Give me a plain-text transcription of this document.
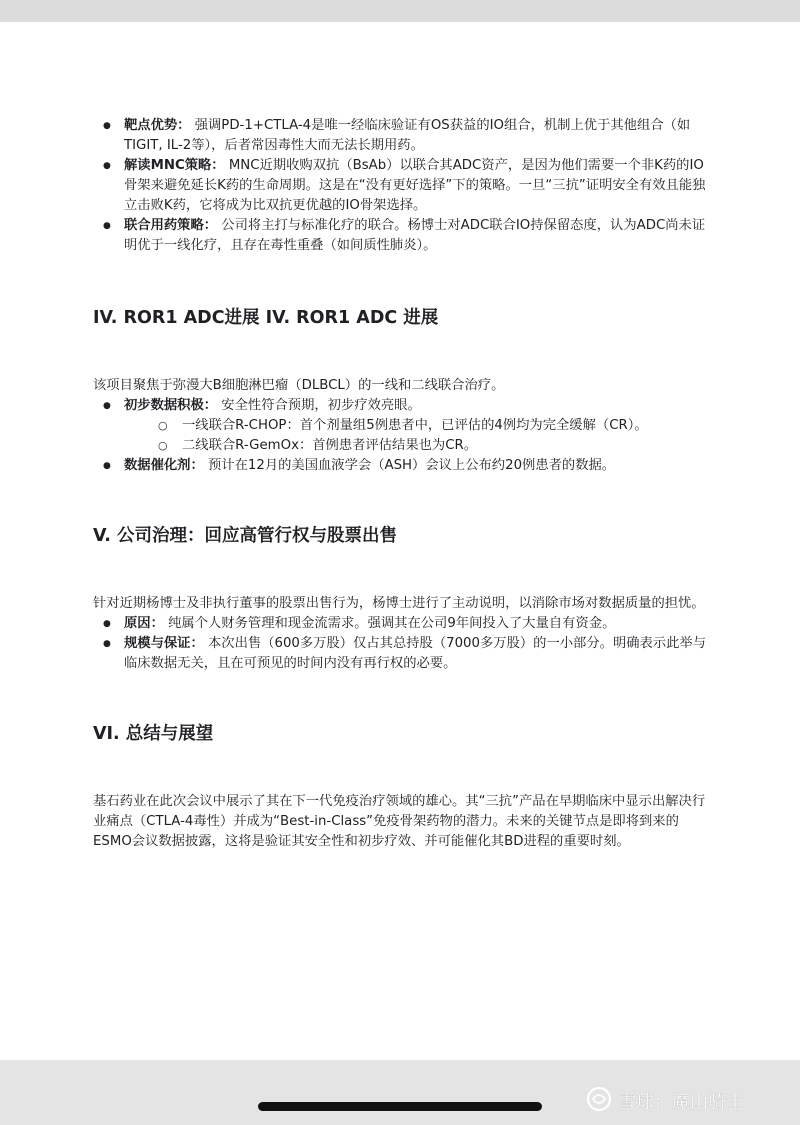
● 靶点优势： 强调PD-1+CTLA-4是唯一经临床验证有OS获益的IO组合，机制上优于其他组合（如TIGIT, IL-2等），后者常因毒性大而无法长期用药。
● 解读MNC策略： MNC近期收购双抗（BsAb）以联合其ADC资产，是因为他们需要一个非K药的IO骨架来避免延长K药的生命周期。这是在“没有更好选择”下的策略。一旦“三抗”证明安全有效且能独立击败K药，它将成为比双抗更优越的IO骨架选择。
● 联合用药策略： 公司将主打与标准化疗的联合。杨博士对ADC联合IO持保留态度，认为ADC尚未证明优于一线化疗，且存在毒性重叠（如间质性肺炎）。
IV. ROR1 ADC进展 IV. ROR1 ADC 进展

该项目聚焦于弥漫大B细胞淋巴瘤（DLBCL）的一线和二线联合治疗。

● 初步数据积极： 安全性符合预期，初步疗效亮眼。
○ 一线联合R-CHOP：首个剂量组5例患者中，已评估的4例均为完全缓解（CR）。
○ 二线联合R-GemOx：首例患者评估结果也为CR。
● 数据催化剂： 预计在12月的美国血液学会（ASH）会议上公布约20例患者的数据。
V. 公司治理：回应高管行权与股票出售

针对近期杨博士及非执行董事的股票出售行为，杨博士进行了主动说明，以消除市场对数据质量的担忧。

● 原因： 纯属个人财务管理和现金流需求。强调其在公司9年间投入了大量自有资金。
● 规模与保证： 本次出售（600多万股）仅占其总持股（7000多万股）的一小部分。明确表示此举与临床数据无关，且在可预见的时间内没有再行权的必要。
VI. 总结与展望

基石药业在此次会议中展示了其在下一代免疫治疗领域的雄心。其“三抗”产品在早期临床中显示出解决行业痛点（CTLA-4毒性）并成为“Best-in-Class”免疫骨架药物的潜力。未来的关键节点是即将到来的ESMO会议数据披露，这将是验证其安全性和初步疗效、并可能催化其BD进程的重要时刻。

雪球：魔山骑士
